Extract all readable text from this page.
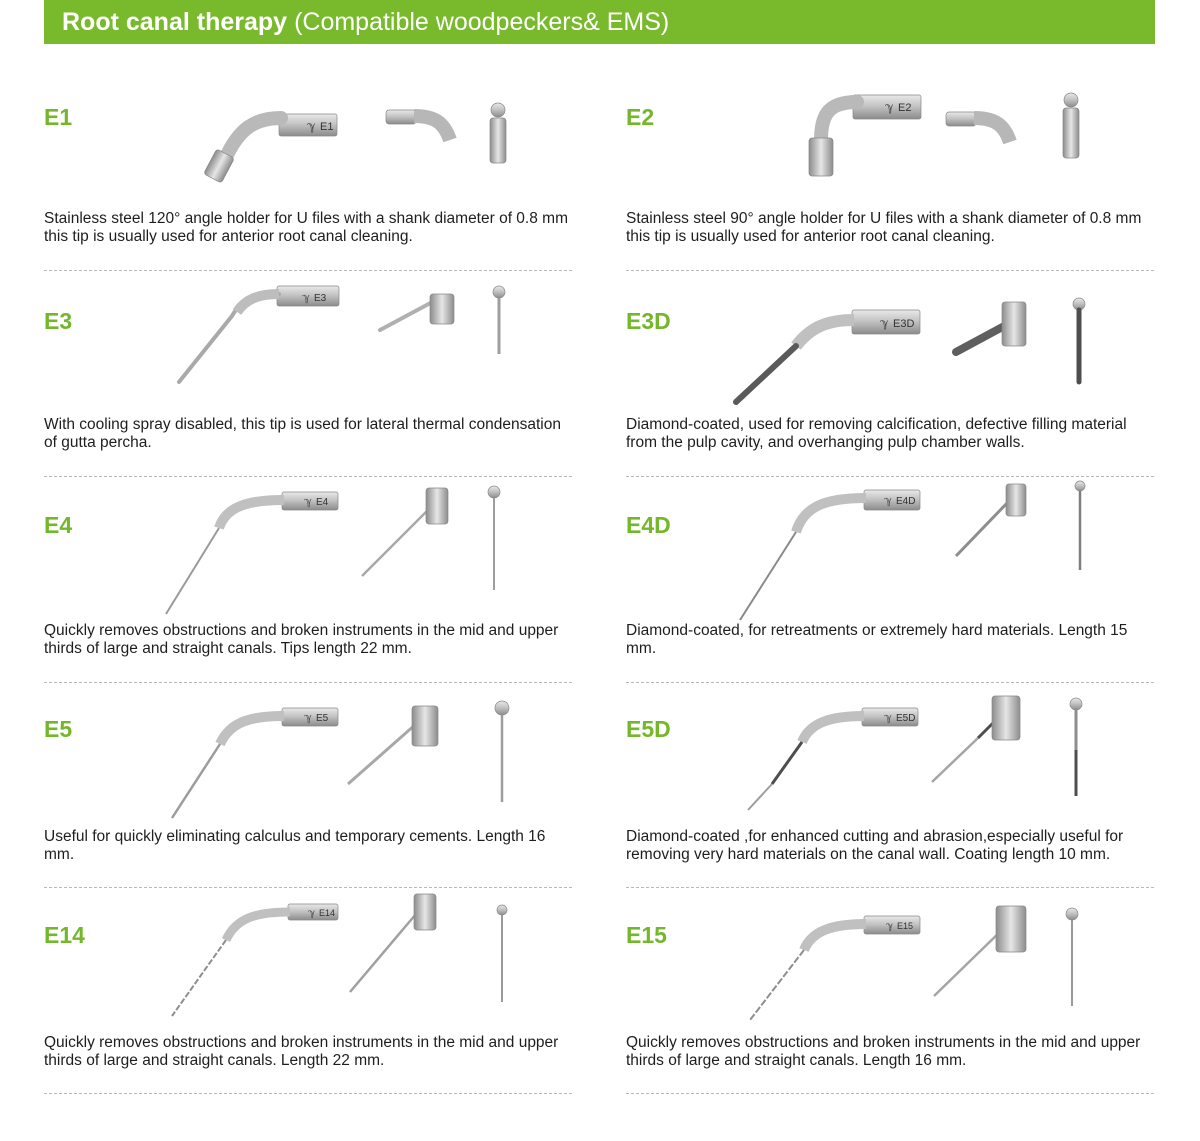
Root canal therapy (Compatible woodpeckers& EMS)
E1	ℽ E1
Stainless steel 120° angle holder for U files with a shank diameter of 0.8 mm this tip is usually used for anterior root canal cleaning.
E2	ℽ E2
Stainless steel 90° angle holder for U files with a shank diameter of 0.8 mm this tip is usually used for anterior root canal cleaning.
E3
ℽ E3
With cooling spray disabled, this tip is used for lateral thermal condensation of gutta percha.
E3D	ℽ E3D
Diamond-coated, used for removing calcification, defective filling material from the pulp cavity, and overhanging pulp chamber walls.
E4
ℽ E4
Quickly removes obstructions and broken instruments in the mid and upper thirds of large and straight canals. Tips length 22 mm.
E4D
ℽ E4D
Diamond-coated, for retreatments or extremely hard materials. Length 15 mm.
E5	ℽ E5
Useful for quickly eliminating calculus and temporary cements. Length 16 mm.
E5D	ℽ E5D
Diamond-coated ,for enhanced cutting and abrasion,especially useful for removing very hard materials on the canal wall. Coating length 10 mm.
E14
ℽ E14
Quickly removes obstructions and broken instruments in the mid and upper thirds of large and straight canals. Length 22 mm.
E15	ℽ E15
Quickly removes obstructions and broken instruments in the mid and upper thirds of large and straight canals. Length 16 mm.
